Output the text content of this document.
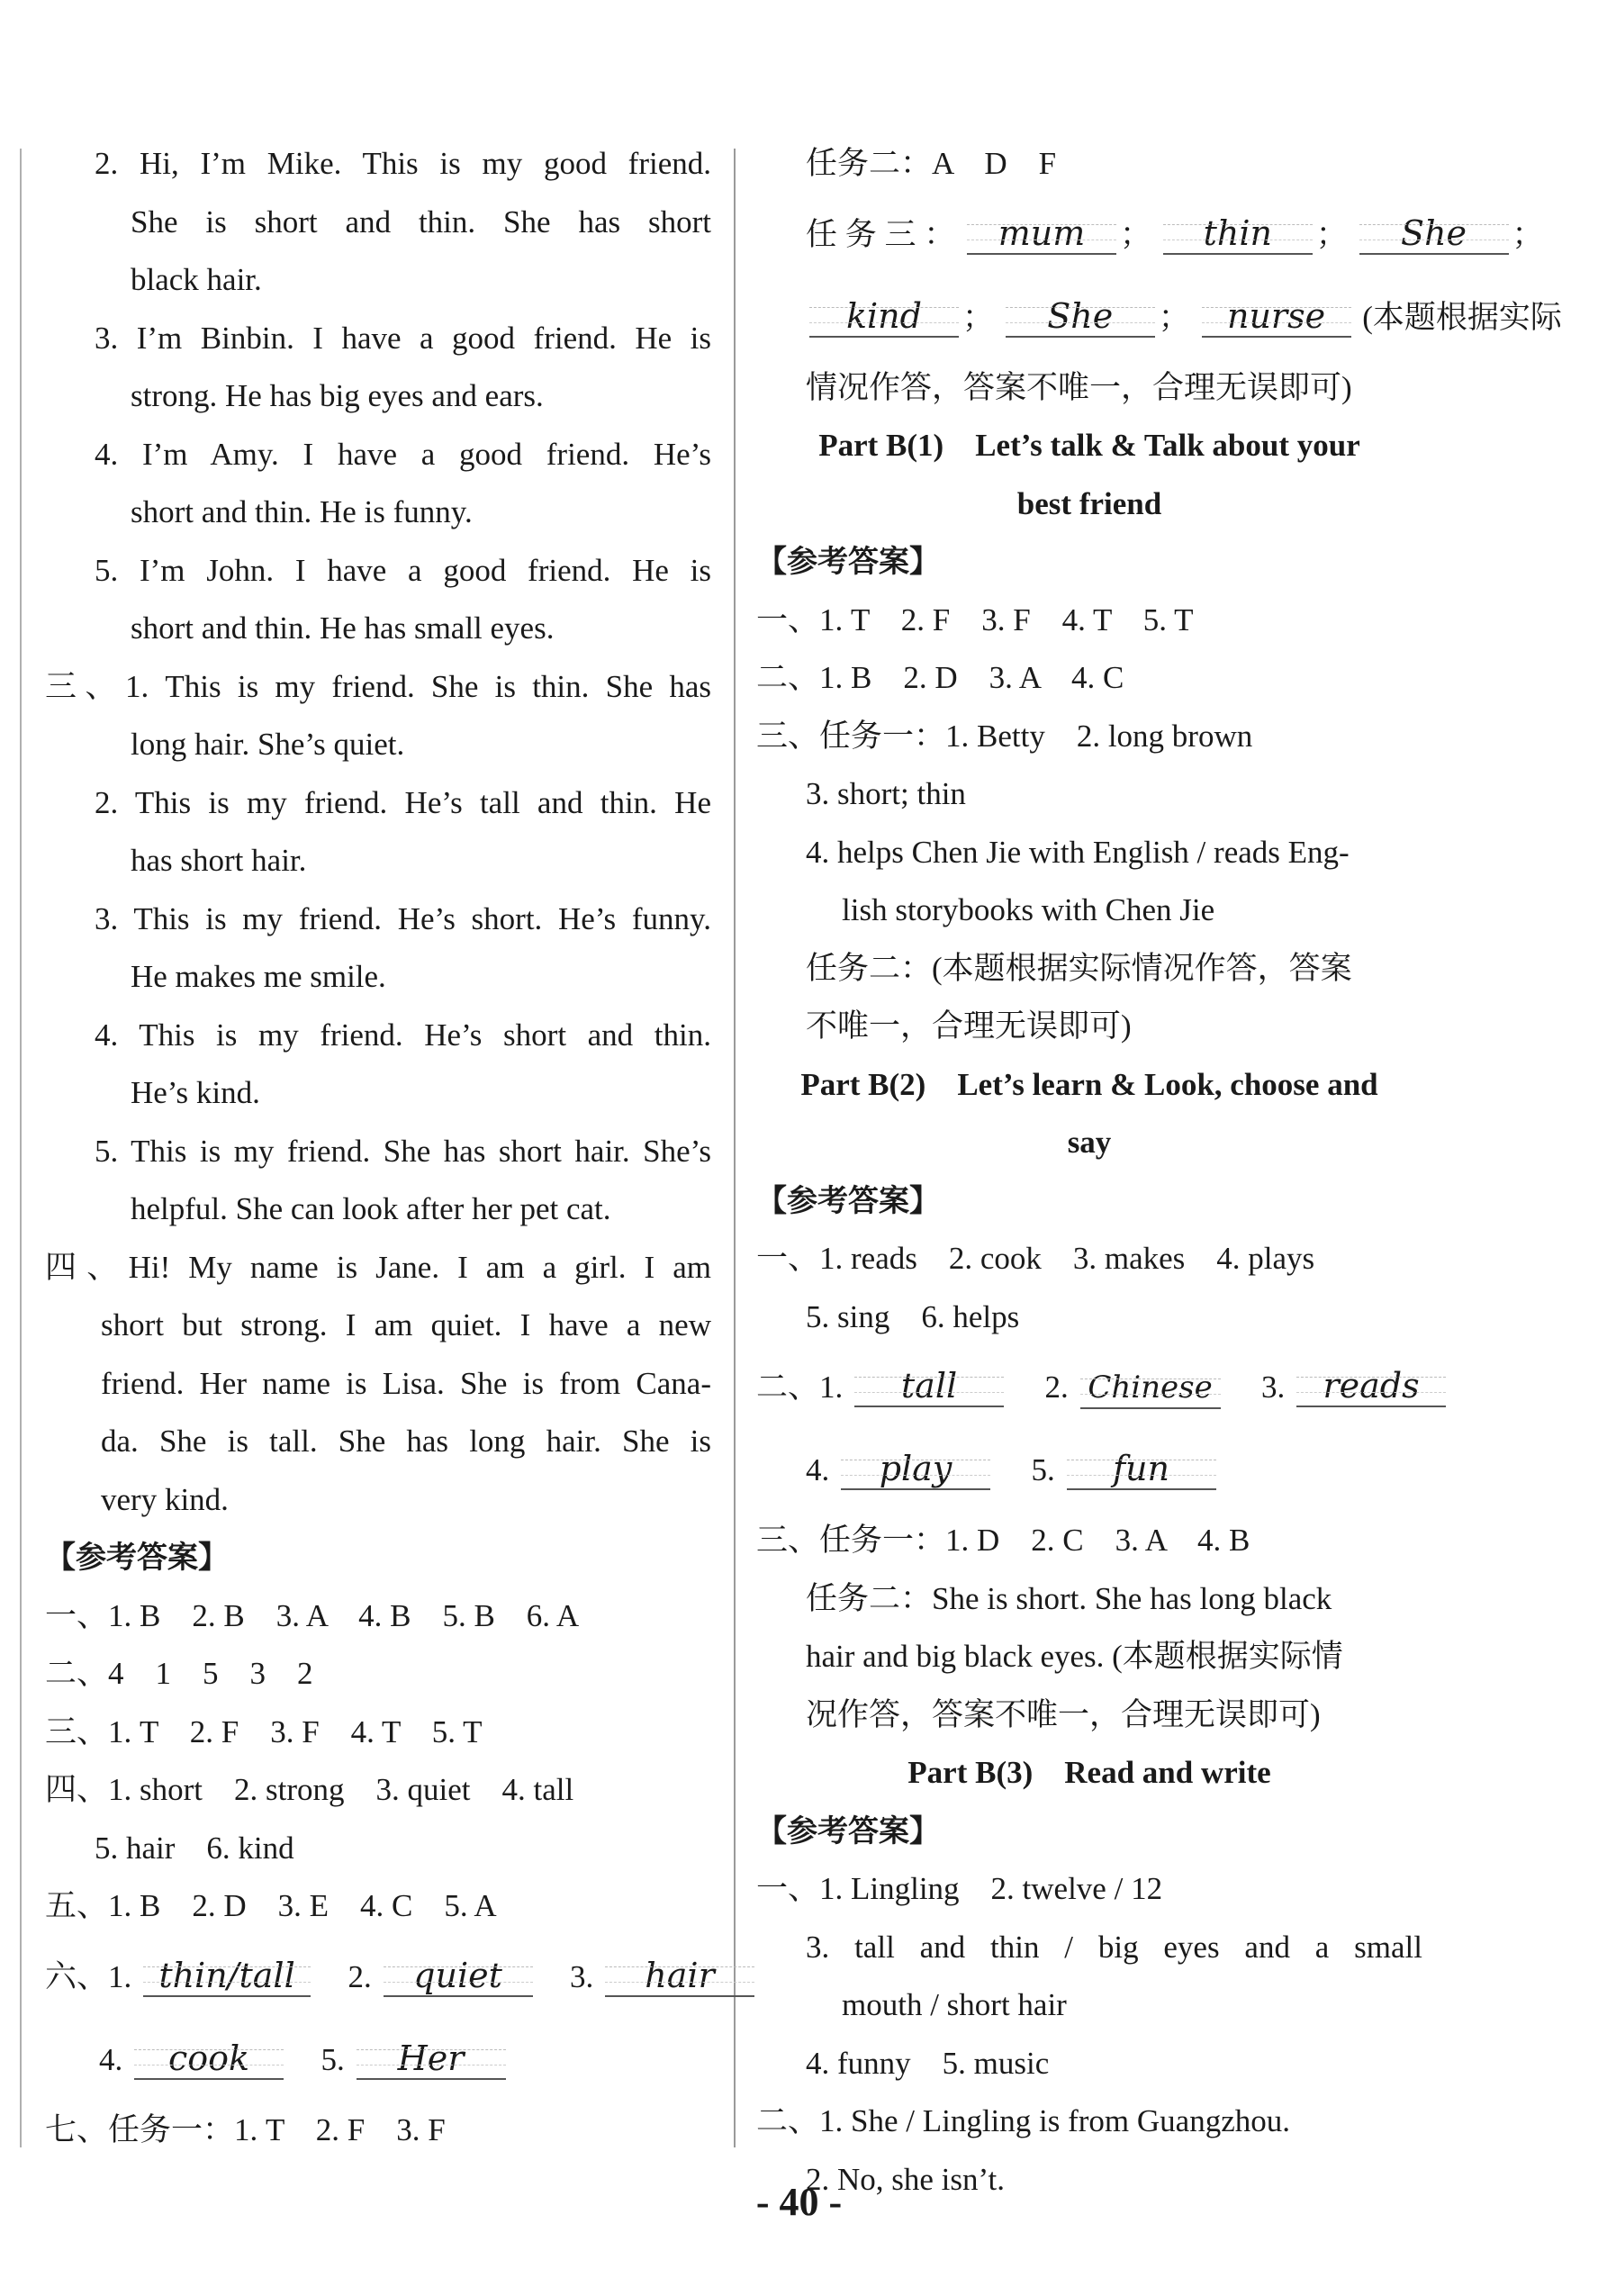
2. Hi, I’m Mike. This is my good friend.
She is short and thin. She has short
black hair.
3. I’m Binbin. I have a good friend. He is
strong. He has big eyes and ears.
4. I’m Amy. I have a good friend. He’s
short and thin. He is funny.
5. I’m John. I have a good friend. He is
short and thin. He has small eyes.
三、1. This is my friend. She is thin. She has
long hair. She’s quiet.
2. This is my friend. He’s tall and thin. He
has short hair.
3. This is my friend. He’s short. He’s funny.
He makes me smile.
4. This is my friend. He’s short and thin.
He’s kind.
5. This is my friend. She has short hair. She’s
helpful. She can look after her pet cat.
四、Hi! My name is Jane. I am a girl. I am
short but strong. I am quiet. I have a new
friend. Her name is Lisa. She is from Cana-
da. She is tall. She has long hair. She is
very kind.
【参考答案】
一、1. B　2. B　3. A　4. B　5. B　6. A
二、4　1　5　3　2
三、1. T　2. F　3. F　4. T　5. T
四、1. short　2. strong　3. quiet　4. tall
5. hair　6. kind
五、1. B　2. D　3. E　4. C　5. A
六、1. thin/tall 2. quiet 3. hair
4. cook 5. Her
七、任务一：1. T　2. F　3. F
任务二：A　D　F
任 务 三 ： mum ； thin ； She ；
kind ； She ； nurse (本题根据实际
情况作答，答案不唯一，合理无误即可)
Part B(1)　Let’s talk & Talk about your
best friend
【参考答案】
一、1. T　2. F　3. F　4. T　5. T
二、1. B　2. D　3. A　4. C
三、任务一：1. Betty　2. long brown
3. short; thin
4. helps Chen Jie with English / reads Eng-
lish storybooks with Chen Jie
任务二：(本题根据实际情况作答，答案
不唯一，合理无误即可)
Part B(2)　Let’s learn & Look, choose and
say
【参考答案】
一、1. reads　2. cook　3. makes　4. plays
5. sing　6. helps
二、1. tall	2. Chinese 3. reads
4. play	5. fun
三、任务一：1. D　2. C　3. A　4. B
任务二：She is short. She has long black
hair and big black eyes. (本题根据实际情
况作答，答案不唯一，合理无误即可)
Part B(3)　Read and write
【参考答案】
一、1. Lingling　2. twelve / 12
3. tall and thin / big eyes and a small
mouth / short hair
4. funny　5. music
二、1. She / Lingling is from Guangzhou.
2. No, she isn’t.
- 40 -
